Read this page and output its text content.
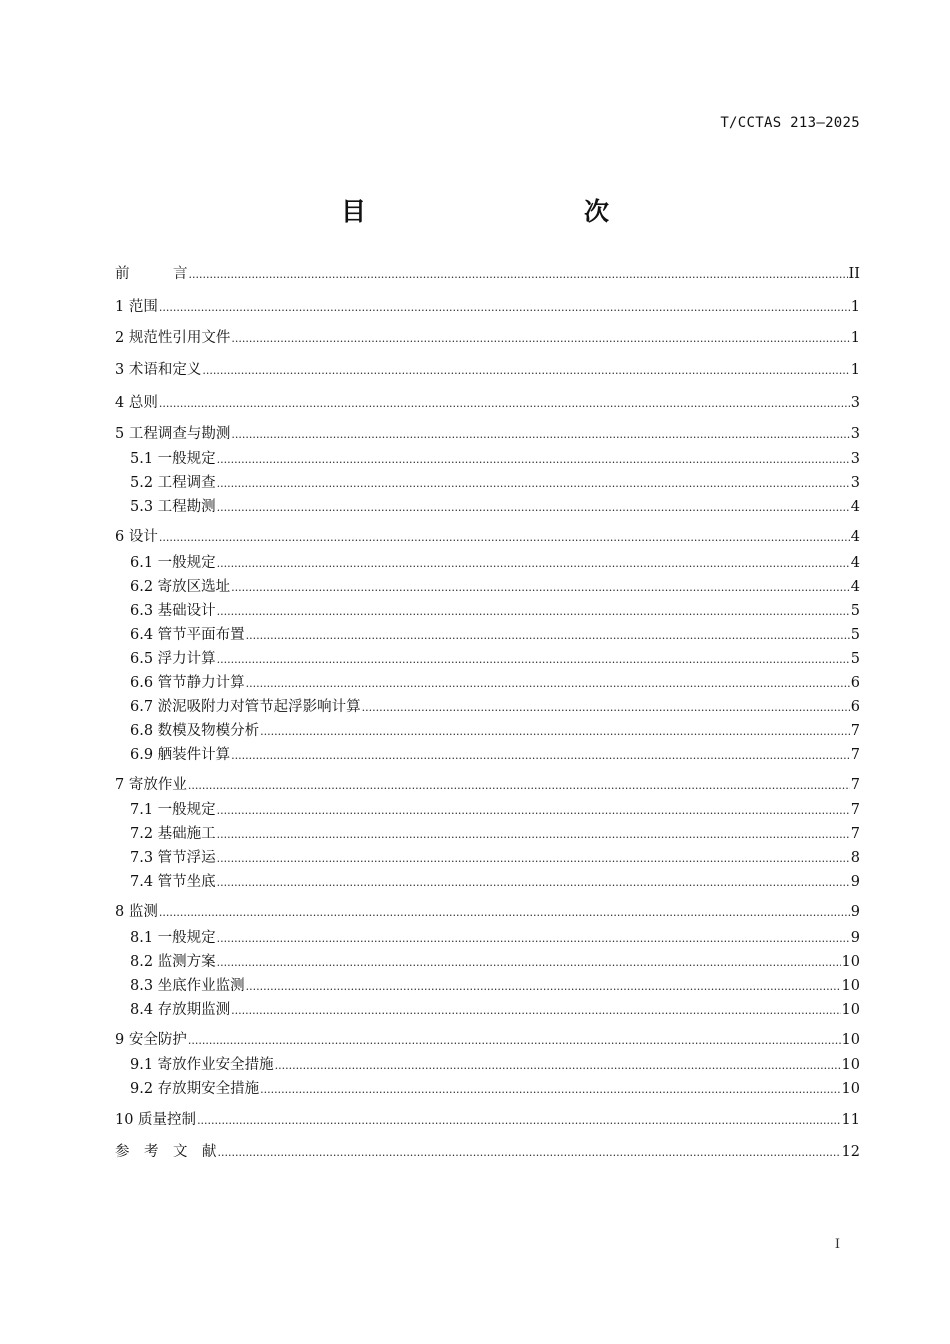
T/CCTAS 213—2025
目　　次
前　　　言 .....	II
1 范围 .....	1
2 规范性引用文件 .....	1
3 术语和定义 .....	1
4 总则 .....	3
5 工程调查与勘测 .....	3
5.1 一般规定 .....	3
5.2 工程调查 .....	3
5.3 工程勘测 .....	4
6 设计 .....	4
6.1 一般规定 .....	4
6.2 寄放区选址 .....	4
6.3 基础设计 .....	5
6.4 管节平面布置 .....	5
6.5 浮力计算 .....	5
6.6 管节静力计算 .....	6
6.7 淤泥吸附力对管节起浮影响计算 .....	6
6.8 数模及物模分析 .....	7
6.9 舾装件计算 .....	7
7 寄放作业 .....	7
7.1 一般规定 .....	7
7.2 基础施工 .....	7
7.3 管节浮运 .....	8
7.4 管节坐底 .....	9
8 监测 .....	9
8.1 一般规定 .....	9
8.2 监测方案 .....	10
8.3 坐底作业监测 .....	10
8.4 存放期监测 .....	10
9 安全防护 .....	10
9.1 寄放作业安全措施 .....	10
9.2 存放期安全措施 .....	10
10 质量控制 .....	11
参　考　文　献 .....	12
I
